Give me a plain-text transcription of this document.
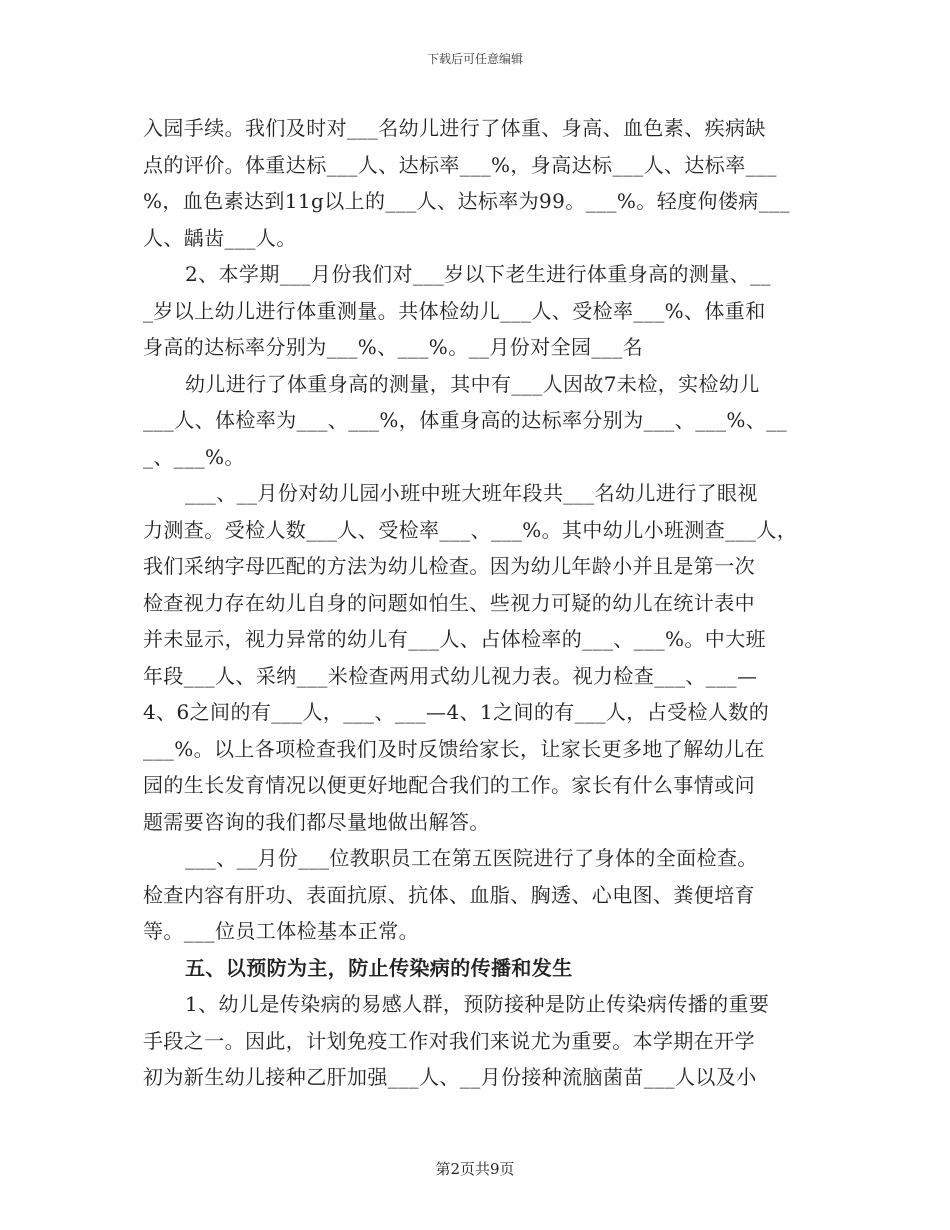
下载后可任意编辑
入园手续。我们及时对___名幼儿进行了体重、身高、血色素、疾病缺
点的评价。体重达标___人、达标率___%，身高达标___人、达标率___
%，血色素达到11g以上的___人、达标率为99。___%。轻度佝偻病___
人、龋齿___人。
2、本学期___月份我们对___岁以下老生进行体重身高的测量、__
_岁以上幼儿进行体重测量。共体检幼儿___人、受检率___%、体重和
身高的达标率分别为___%、___%。__月份对全园___名
幼儿进行了体重身高的测量，其中有___人因故7未检，实检幼儿
___人、体检率为___、___%，体重身高的达标率分别为___、___%、__
_、___%。
___、__月份对幼儿园小班中班大班年段共___名幼儿进行了眼视
力测查。受检人数___人、受检率___、___%。其中幼儿小班测查___人，
我们采纳字母匹配的方法为幼儿检查。因为幼儿年龄小并且是第一次
检查视力存在幼儿自身的问题如怕生、些视力可疑的幼儿在统计表中
并未显示，视力异常的幼儿有___人、占体检率的___、___%。中大班
年段___人、采纳___米检查两用式幼儿视力表。视力检查___、___—
4、6之间的有___人，___、___—4、1之间的有___人，占受检人数的
___%。以上各项检查我们及时反馈给家长，让家长更多地了解幼儿在
园的生长发育情况以便更好地配合我们的工作。家长有什么事情或问
题需要咨询的我们都尽量地做出解答。
___、__月份___位教职员工在第五医院进行了身体的全面检查。
检查内容有肝功、表面抗原、抗体、血脂、胸透、心电图、粪便培育
等。___位员工体检基本正常。
五、以预防为主，防止传染病的传播和发生
1、幼儿是传染病的易感人群，预防接种是防止传染病传播的重要
手段之一。因此，计划免疫工作对我们来说尤为重要。本学期在开学
初为新生幼儿接种乙肝加强___人、__月份接种流脑菌苗___人以及小
第2页共9页
